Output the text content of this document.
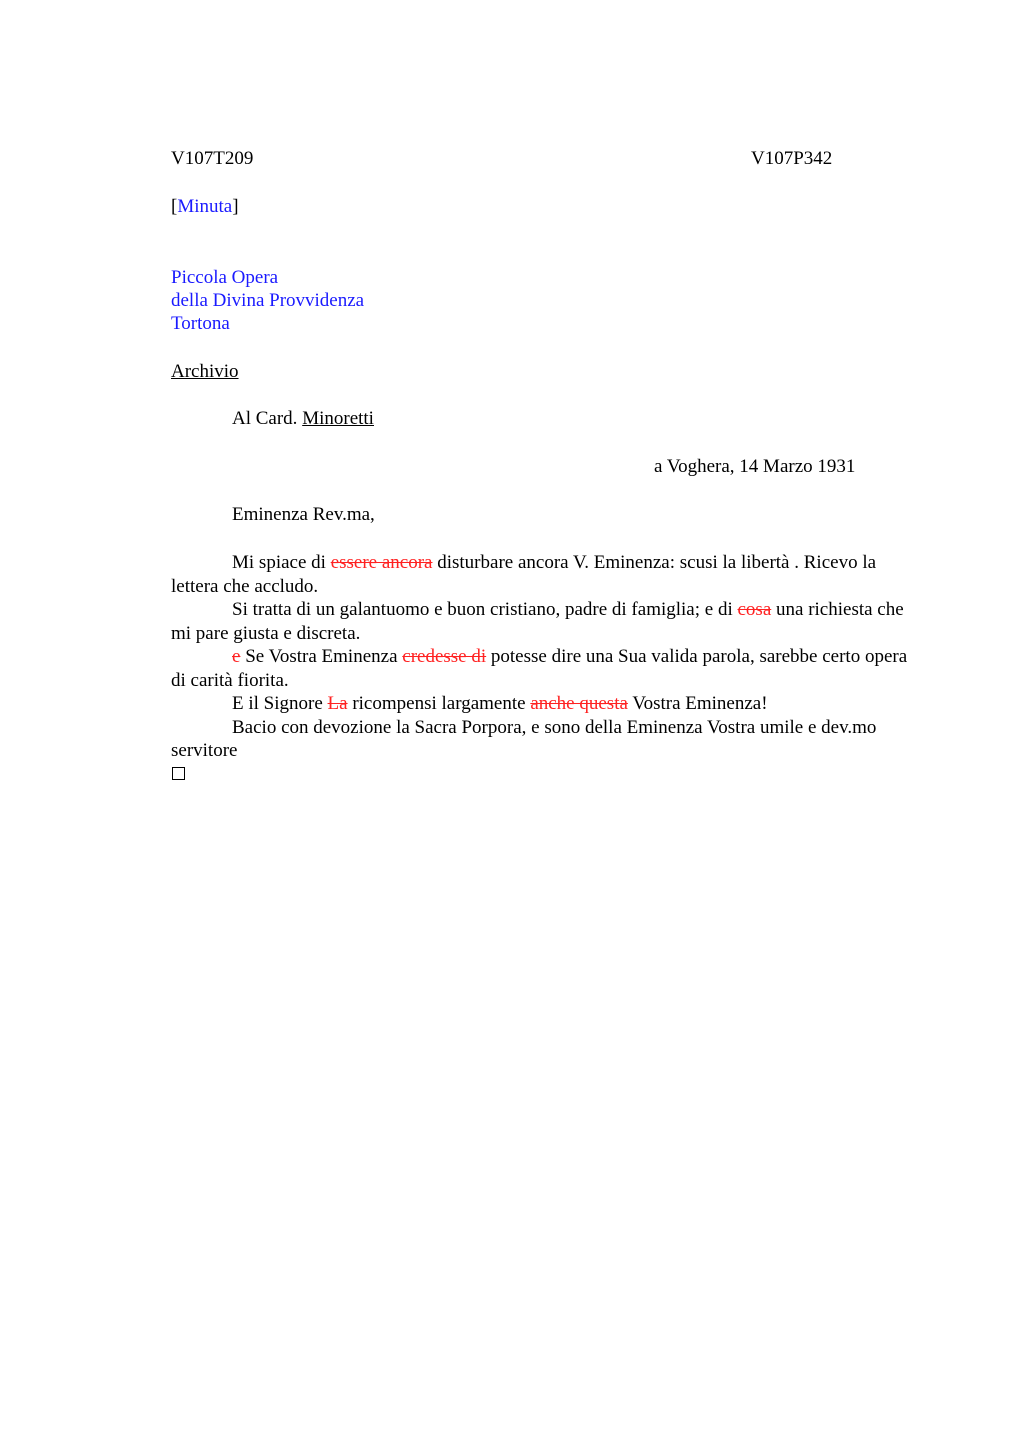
V107T209	V107P342
[Minuta]
Piccola Opera
della Divina Provvidenza
Tortona
Archivio
Al Card. Minoretti
a Voghera, 14 Marzo 1931
Eminenza Rev.ma,

Mi spiace di essere ancora disturbare ancora V. Eminenza: scusi la libertà . Ricevo la lettera che accludo.

Si tratta di un galantuomo e buon cristiano, padre di famiglia; e di cosa una richiesta che mi pare giusta e discreta.

e Se Vostra Eminenza credesse di potesse dire una Sua valida parola, sarebbe certo opera di carità fiorita.

E il Signore La ricompensi largamente anche questa Vostra Eminenza!

Bacio con devozione la Sacra Porpora, e sono della Eminenza Vostra umile e dev.mo servitore
